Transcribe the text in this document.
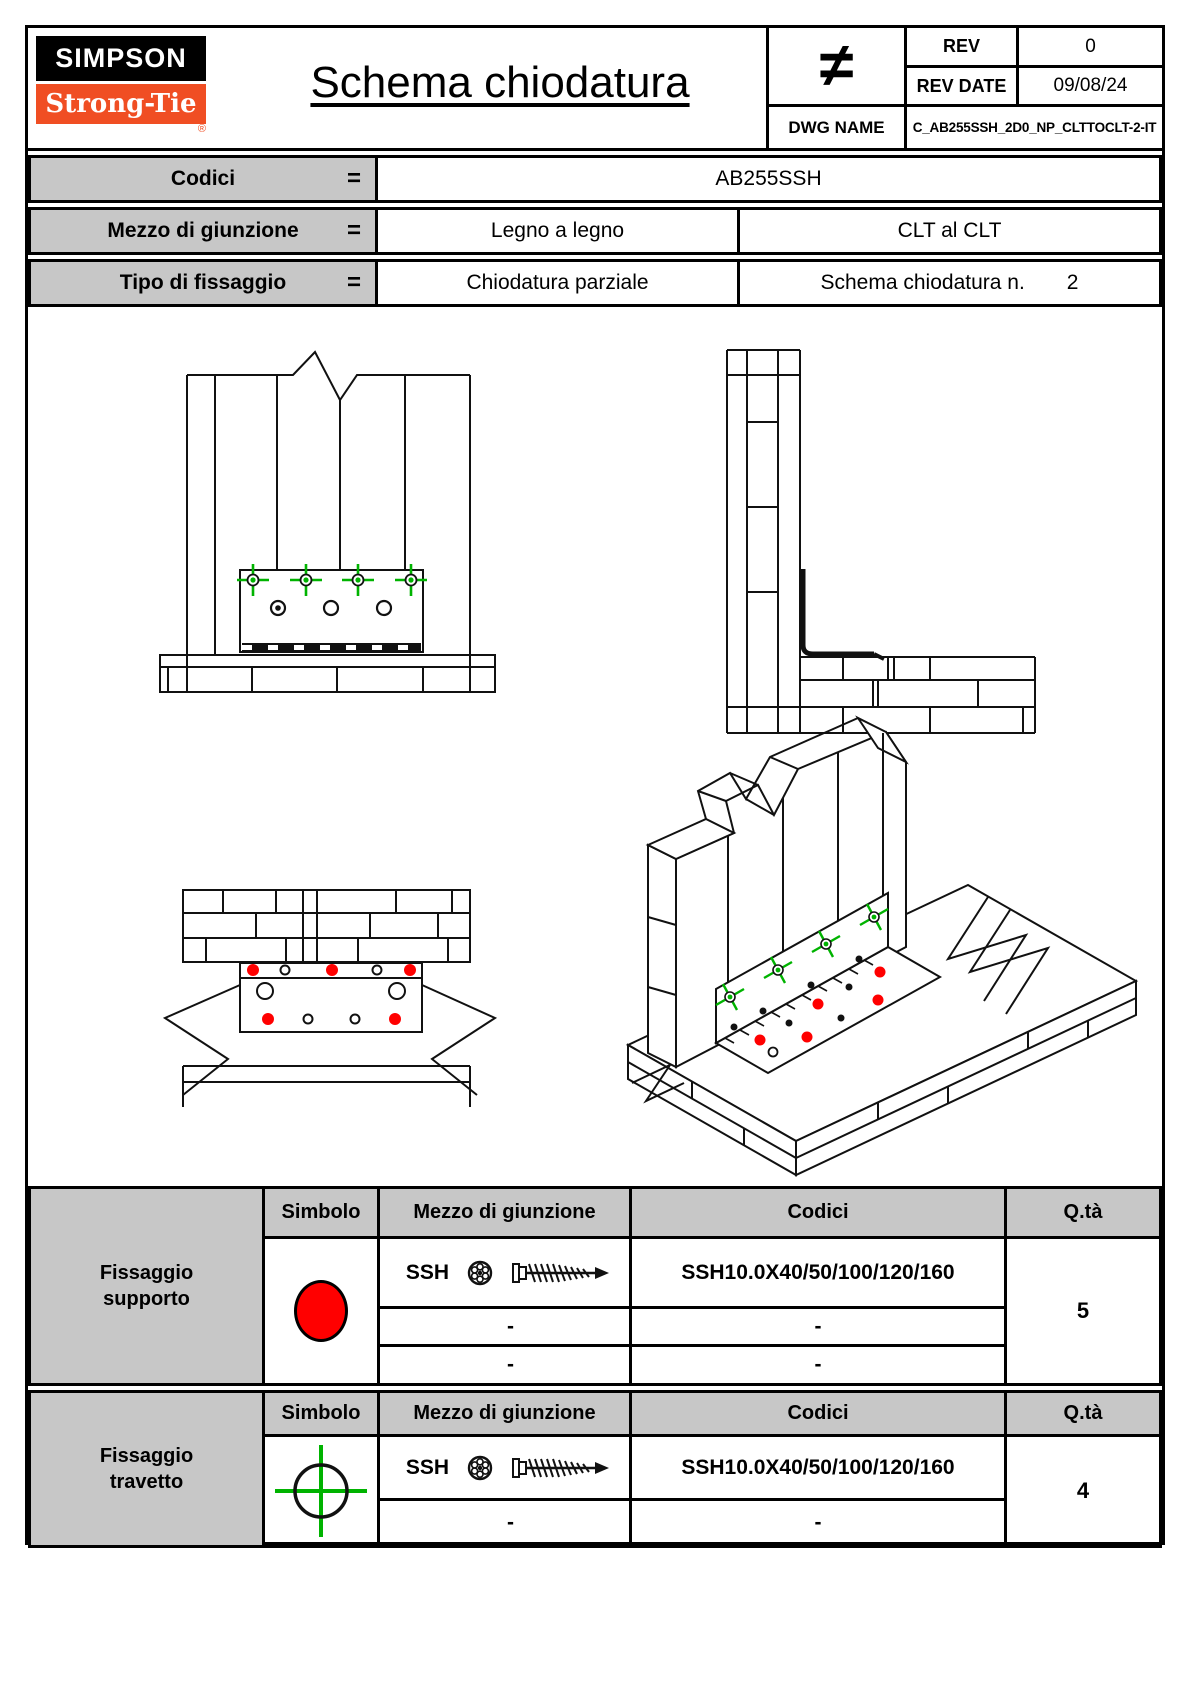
SIMPSON
Strong-Tie
®
Schema chiodatura	≠	REV	0
REV DATE	09/08/24
DWG NAME	C_AB255SSH_2D0_NP_CLTTOCLT-2-IT
Codici	=	AB255SSH
Mezzo di giunzione =	Legno a legno	CLT al CLT
Tipo di fissaggio	=	Chiodatura parziale	Schema chiodatura n. 2
Fissaggio
supporto
Simbolo	Mezzo di giunzione	Codici	Q.tà
SSH	SSH10.0X40/50/100/120/160
-	-
-	-
5
Fissaggio
travetto
Simbolo	Mezzo di giunzione	Codici	Q.tà
SSH	SSH10.0X40/50/100/120/160
-	-
4
